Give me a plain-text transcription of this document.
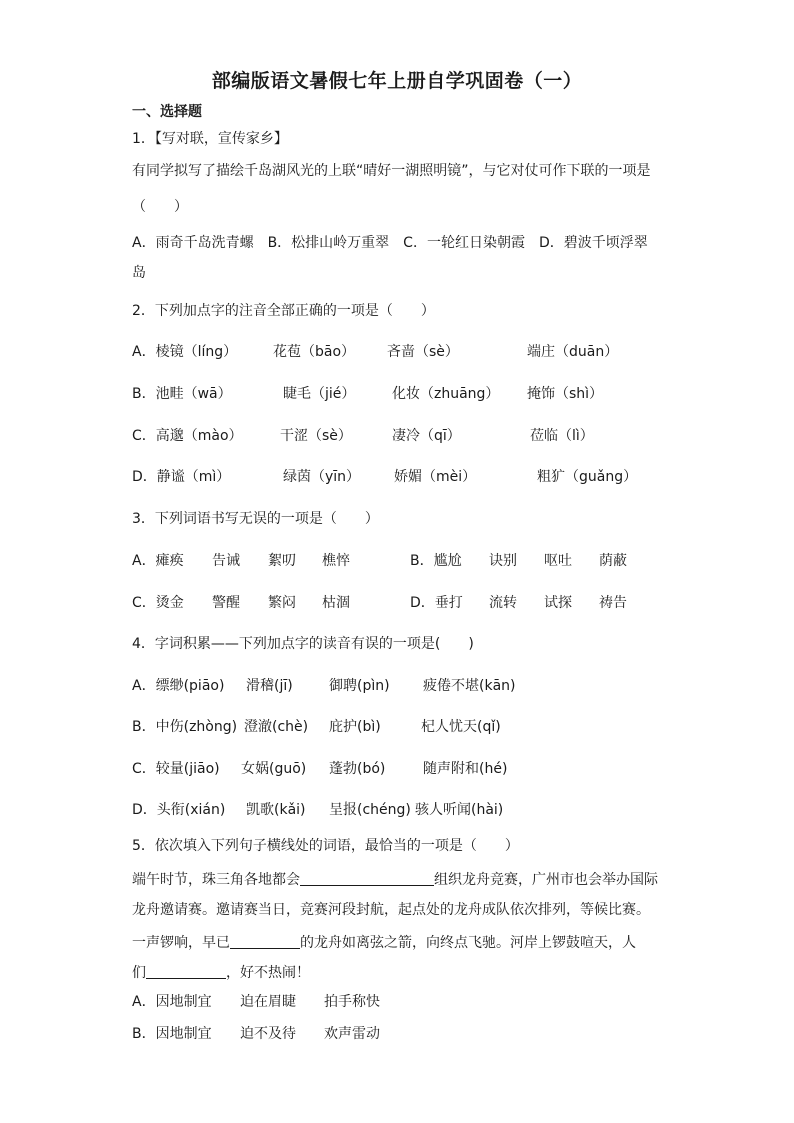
部编版语文暑假七年上册自学巩固卷（一）
一、选择题
1．【写对联，宣传家乡】
有同学拟写了描绘千岛湖风光的上联“晴好一湖照明镜”，与它对仗可作下联的一项是
（　　）
A．雨奇千岛洗青螺　B．松排山岭万重翠　C．一轮红日染朝霞　D．碧波千顷浮翠
岛
2．下列加点字的注音全部正确的一项是（　　）
A．棱镜（líng）	花苞（bāo） 吝啬（sè）	端庄（duān）
B．池畦（wā）	睫毛（jié）	化妆（zhuāng） 掩饰（shì）
C．高邈（mào）	干涩（sè）	凄冷（qī）	莅临（lì）
D．静谧（mì）	绿茵（yīn） 娇媚（mèi）	粗犷（guǎng）
3．下列词语书写无误的一项是（　　）
A．瘫痪 告诫 絮叨 樵悴	B．尴尬 诀别 呕吐 荫蔽
C．烫金 警醒 繁闷 枯涸	D．垂打 流转 试探 祷告
4．字词积累——下列加点字的读音有误的一项是(　　)
A．缥缈(piāo) 滑稽(jī)	御聘(pìn) 疲倦不堪(kān)
B．中伤(zhòng) 澄澈(chè) 庇护(bì)	杞人忧天(qǐ)
C．较量(jiāo) 女娲(guō) 蓬勃(bó)	随声附和(hé)
D．头衔(xián) 凯歌(kǎi) 呈报(chéng) 骇人听闻(hài)
5．依次填入下列句子横线处的词语，最恰当的一项是（　　）
端午时节，珠三角各地都会	组织龙舟竞赛，广州市也会举办国际
龙舟邀请赛。邀请赛当日，竞赛河段封航，起点处的龙舟成队依次排列，等候比赛。
一声锣响，早已	的龙舟如离弦之箭，向终点飞驰。河岸上锣鼓喧天，人
们	，好不热闹！
A．因地制宜 迫在眉睫 拍手称快
B．因地制宜 迫不及待 欢声雷动
